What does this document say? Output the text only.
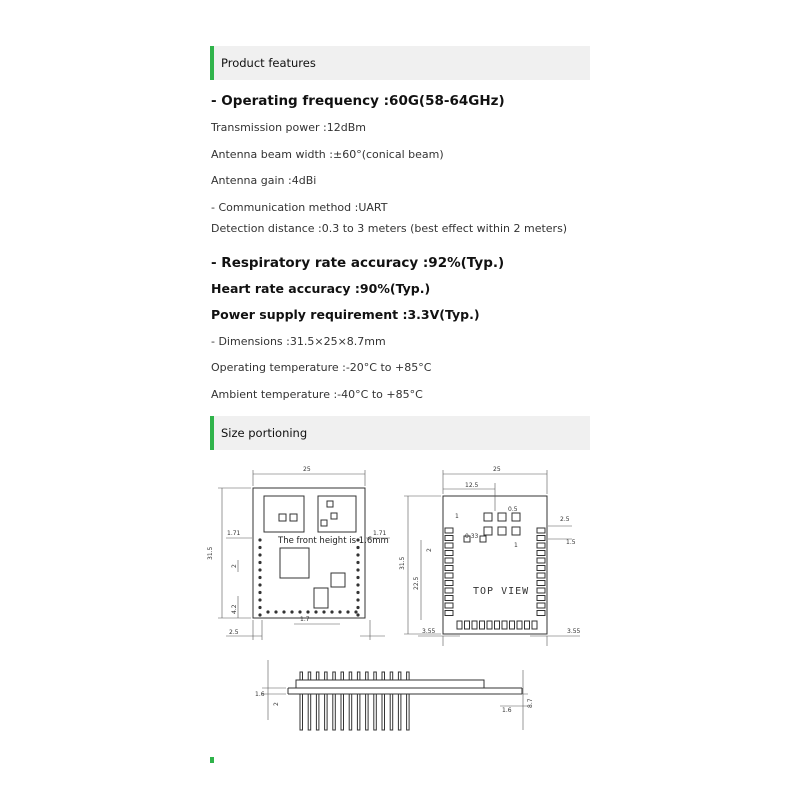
Product features
- Operating frequency :60G(58-64GHz)
Transmission power :12dBm
Antenna beam width :±60°(conical beam)
Antenna gain :4dBi
- Communication method :UART
Detection distance :0.3 to 3 meters (best effect within 2 meters)
- Respiratory rate accuracy :92%(Typ.)
Heart rate accuracy :90%(Typ.)
Power supply requirement :3.3V(Typ.)
- Dimensions :31.5×25×8.7mm
Operating temperature :-20°C to +85°C
Ambient temperature :-40°C to +85°C
Size portioning
25
31.5
1.71	1.71
2
4.2
2.5
1.7
The front height is 1.6mm
TOP VIEW
25
12.5
1
0.5
0.33
1
2.5
1.5
2
31.5
22.5
3.55	3.55
1.6
2
1.6
8.7
